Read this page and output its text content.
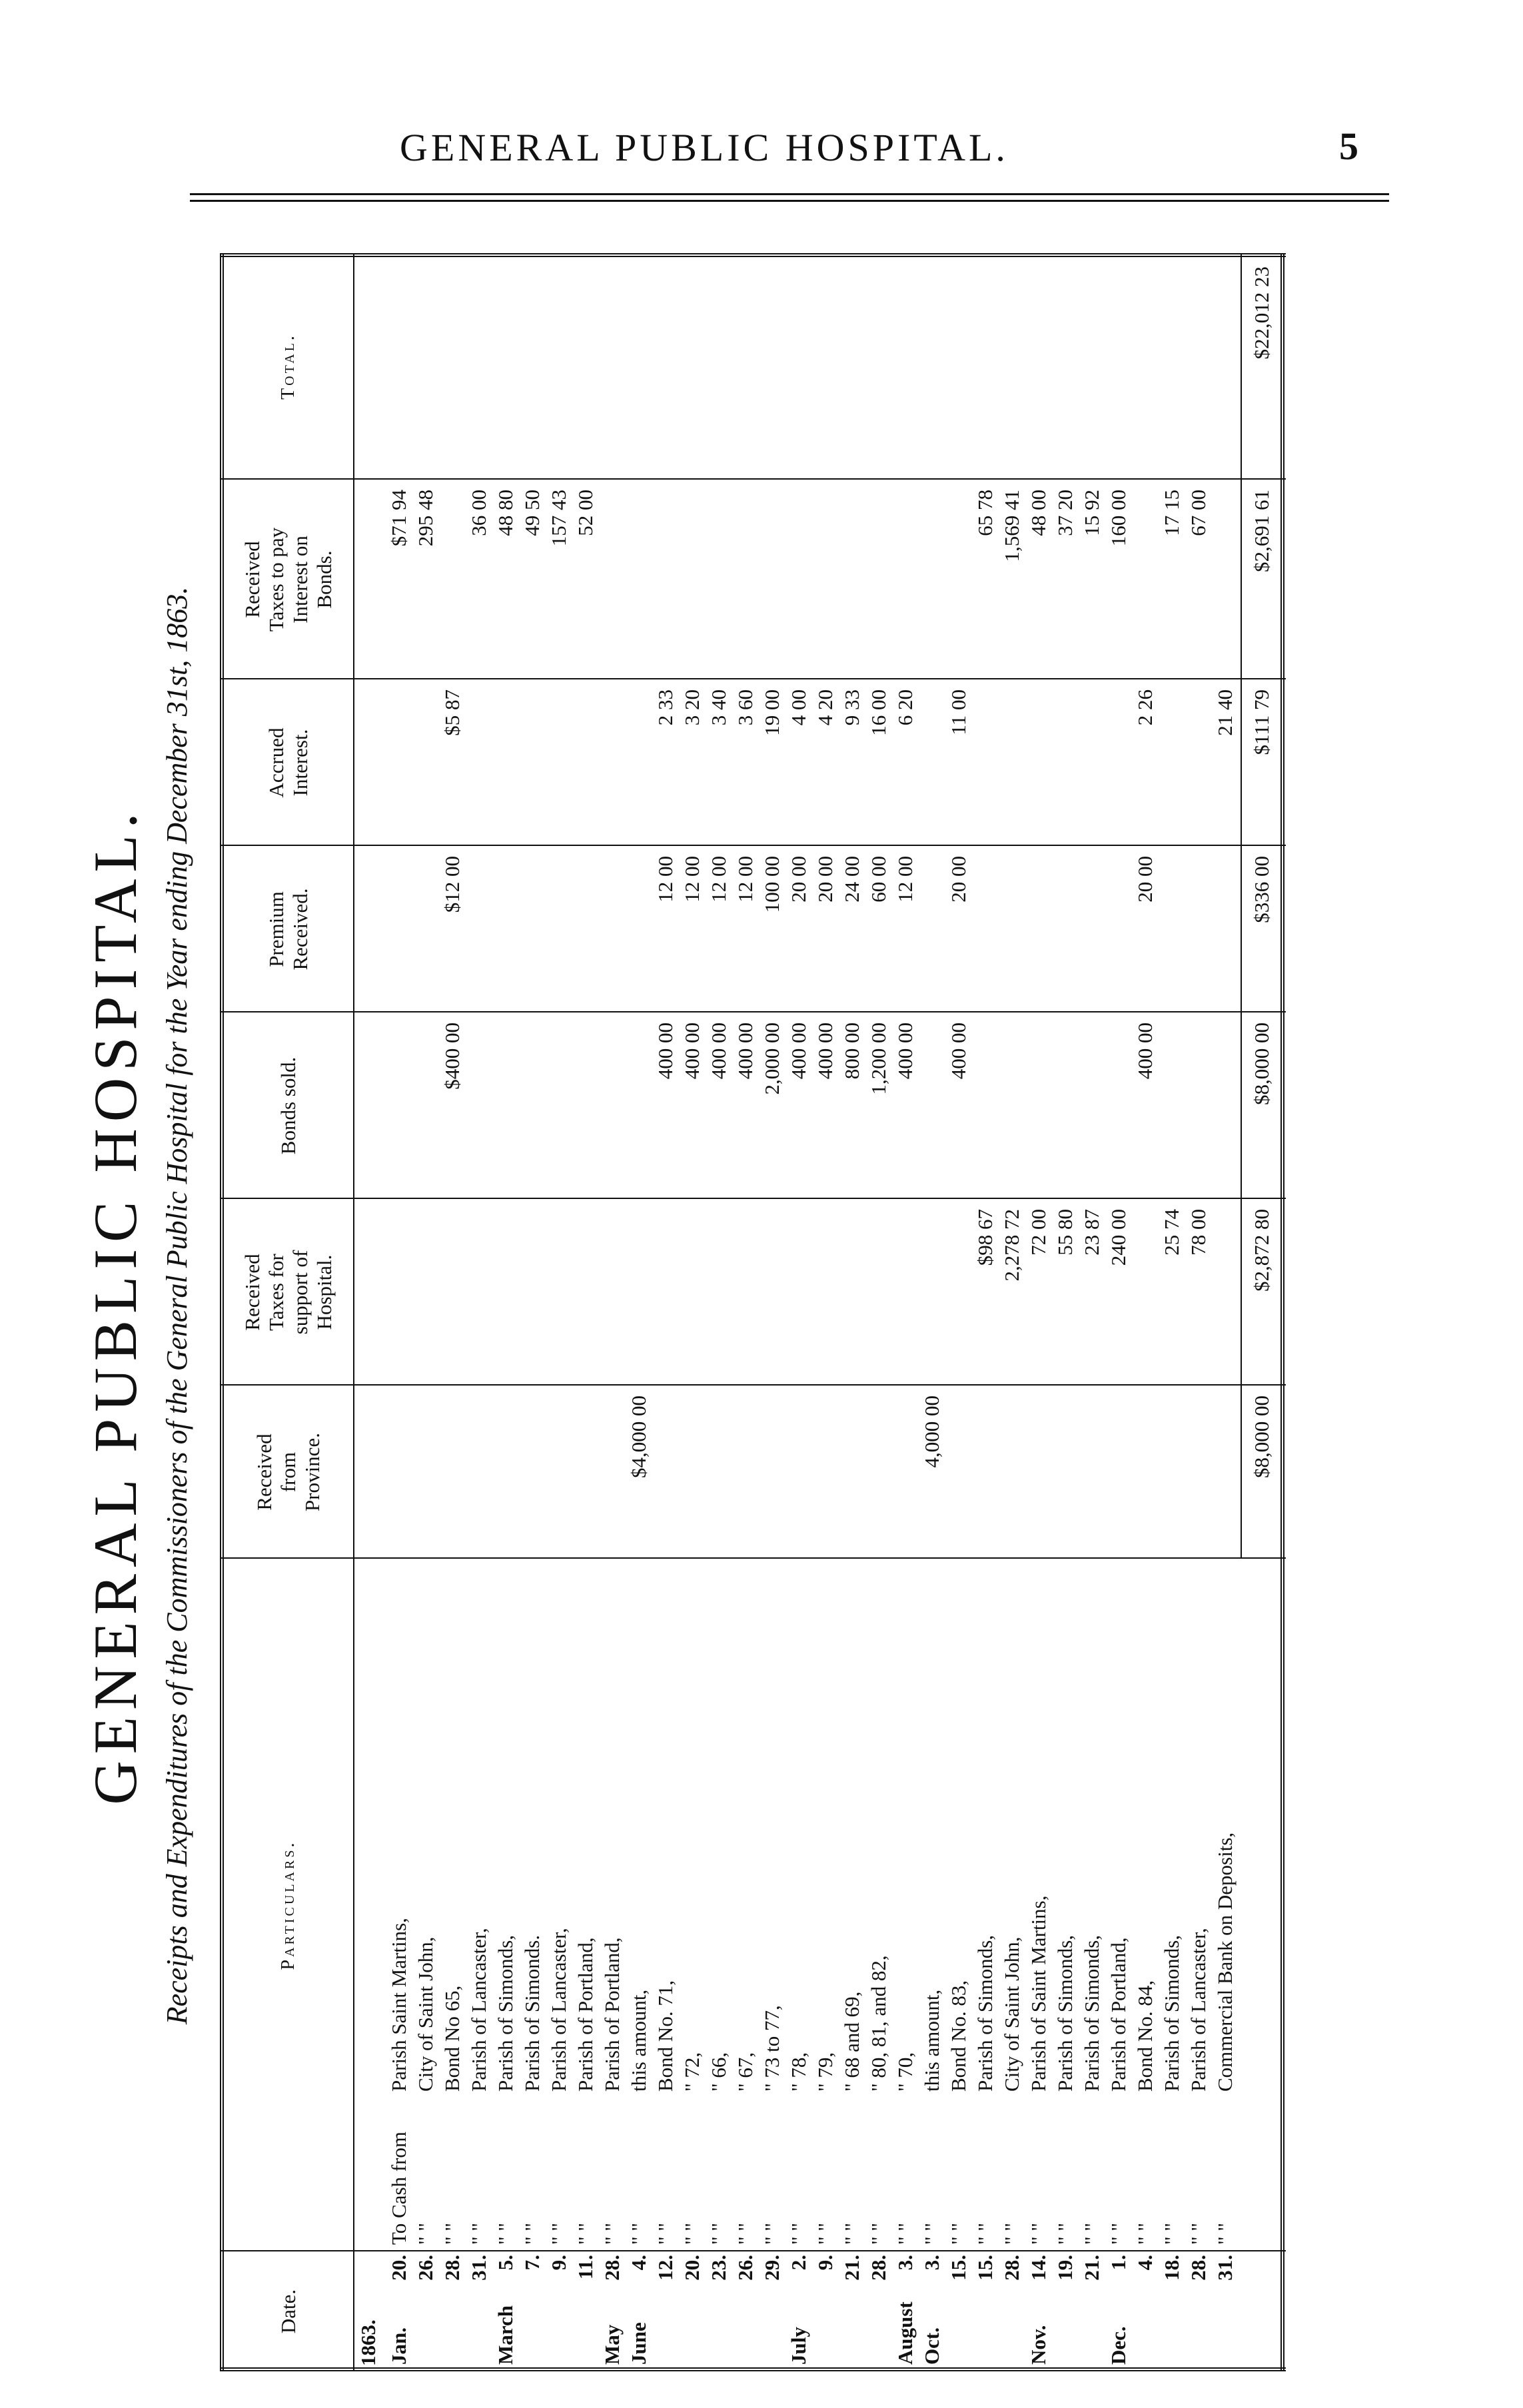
GENERAL PUBLIC HOSPITAL.	5
GENERAL PUBLIC HOSPITAL. Receipts and Expenditures of the Commissioners of the General Public Hospital for the Year ending December 31st, 1863.
Date.
Particulars.
Received
from
Province.
Received
Taxes for
support of
Hospital.
Bonds sold.
Premium
Received.
Accrued
Interest.
Received
Taxes to pay
Interest on
Bonds.
Total.
1863. Jan.
20.
To Cash from
Parish Saint Martins,
$71 94
26.
" "
City of Saint John,
295 48
28.
" "
Bond No 65,
$400 00
$12 00
$5 87
31.
" "
Parish of Lancaster,
36 00
March
5.
" "
Parish of Simonds,
48 80
7.
" "
Parish of Simonds.
49 50
9.
" "
Parish of Lancaster,
157 43
11.
" "
Parish of Portland,
52 00
May
28.
" "
Parish of Portland,
June
4.
" "
this amount,
$4,000 00
12.
" "
Bond No. 71,
400 00
12 00
2 33
20.
" "
" 72,
400 00
12 00
3 20
23.
" "
" 66,
400 00
12 00
3 40
26.
" "
" 67,
400 00
12 00
3 60
29.
" "
" 73 to 77,
2,000 00
100 00
19 00
July
2.
" "
" 78,
400 00
20 00
4 00
9.
" "
" 79,
400 00
20 00
4 20
21.
" "
" 68 and 69,
800 00
24 00
9 33
28.
" "
" 80, 81, and 82,
1,200 00
60 00
16 00
August
3.
" "
" 70,
400 00
12 00
6 20
Oct.
3.
" "
this amount,
4,000 00
15.
" "
Bond No. 83,
400 00
20 00
11 00
15.
" "
Parish of Simonds,
$98 67
65 78
28.
" "
City of Saint John,
2,278 72
1,569 41
Nov.
14.
" "
Parish of Saint Martins,
72 00
48 00
19.
" "
Parish of Simonds,
55 80
37 20
21.
" "
Parish of Simonds,
23 87
15 92
Dec.
1.
" "
Parish of Portland,
240 00
160 00
4.
" "
Bond No. 84,
400 00
20 00
2 26
18.
" "
Parish of Simonds,
25 74
17 15
28.
" "
Parish of Lancaster,
78 00
67 00
31.
" "
Commercial Bank on Deposits,
21 40
$8,000 00
$2,872 80
$8,000 00
$336 00
$111 79
$2,691 61
$22,012 23
